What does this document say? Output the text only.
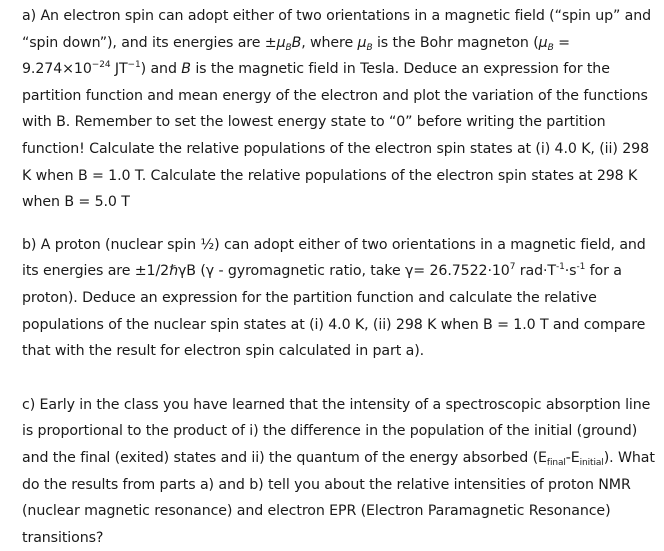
a) An electron spin can adopt either of two orientations in a magnetic field (“spin up” and “spin down”), and its energies are $\pm\mu_BB$, where $\mu_B$ is the Bohr magneton ($\mu_B = 9.274\times 10^{-24}$ $JT^{-1}$) and B is the magnetic field in Tesla. Deduce an expression for the partition function and mean energy of the electron and plot the variation of the functions with B. Remember to set the lowest energy state to “0” before writing the partition function! Calculate the relative populations of the electron spin states at (i) 4.0 K, (ii) 298 K when B = 1.0 T. Calculate the relative populations of the electron spin states at 298 K when B = 5.0 T

b) A proton (nuclear spin ½) can adopt either of two orientations in a magnetic field, and its energies are ±1/2ℏγB (γ - gyromagnetic ratio, take $\gamma= 26.7522\cdot 10^7$ $rad\cdot T^{-1}\cdot s^{-1}$ for a proton). Deduce an expression for the partition function and calculate the relative populations of the nuclear spin states at (i) 4.0 K, (ii) 298 K when B = 1.0 T and compare that with the result for electron spin calculated in part a).

c) Early in the class you have learned that the intensity of a spectroscopic absorption line is proportional to the product of i) the difference in the population of the initial (ground) and the final (exited) states and ii) the quantum of the energy absorbed $(E_{final}-E_{initial})$. What do the results from parts a) and b) tell you about the relative intensities of proton NMR (nuclear magnetic resonance) and electron EPR (Electron Paramagnetic Resonance) transitions?
